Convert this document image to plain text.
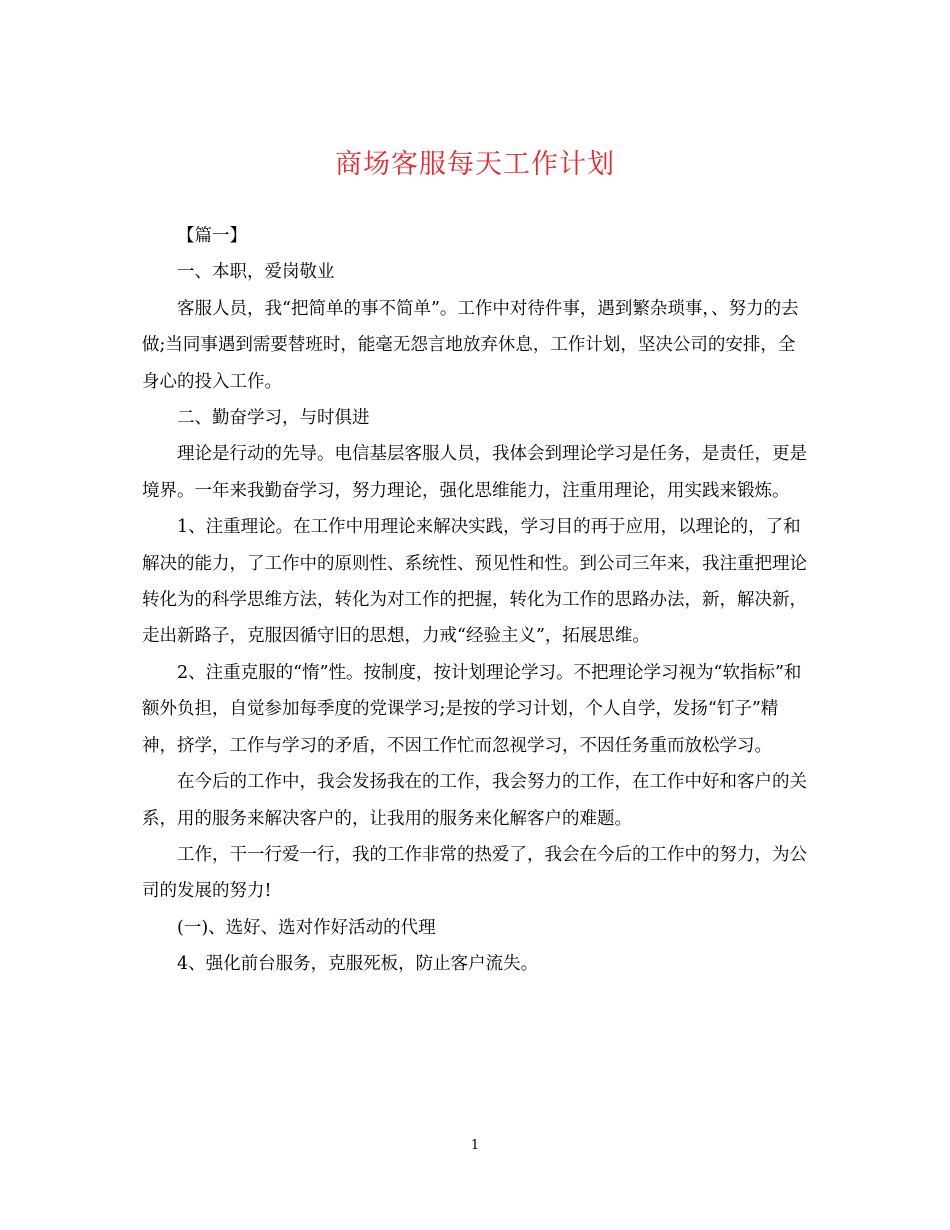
商场客服每天工作计划

【篇一】

一、本职，爱岗敬业

客服人员，我“把简单的事不简单”。工作中对待件事，遇到繁杂琐事，、努力的去做;当同事遇到需要替班时，能毫无怨言地放弃休息，工作计划，坚决公司的安排，全身心的投入工作。

二、勤奋学习，与时俱进

理论是行动的先导。电信基层客服人员，我体会到理论学习是任务，是责任，更是境界。一年来我勤奋学习，努力理论，强化思维能力，注重用理论，用实践来锻炼。

1、注重理论。在工作中用理论来解决实践，学习目的再于应用，以理论的，了和解决的能力，了工作中的原则性、系统性、预见性和性。到公司三年来，我注重把理论转化为的科学思维方法，转化为对工作的把握，转化为工作的思路办法，新，解决新，走出新路子，克服因循守旧的思想，力戒“经验主义”，拓展思维。

2、注重克服的“惰”性。按制度，按计划理论学习。不把理论学习视为“软指标”和额外负担，自觉参加每季度的党课学习;是按的学习计划，个人自学，发扬“钉子”精神，挤学，工作与学习的矛盾，不因工作忙而忽视学习，不因任务重而放松学习。

在今后的工作中，我会发扬我在的工作，我会努力的工作，在工作中好和客户的关系，用的服务来解决客户的，让我用的服务来化解客户的难题。

工作，干一行爱一行，我的工作非常的热爱了，我会在今后的工作中的努力，为公司的发展的努力!

(一)、选好、选对作好活动的代理

4、强化前台服务，克服死板，防止客户流失。

1
